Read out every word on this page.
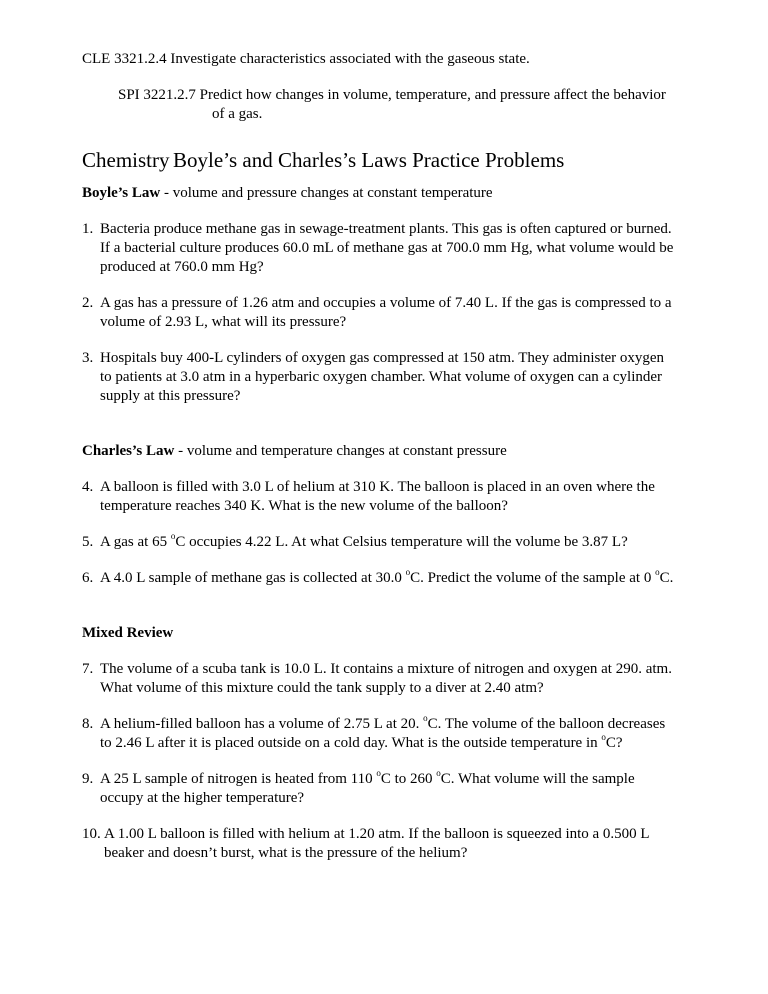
CLE 3321.2.4 Investigate characteristics associated with the gaseous state.
SPI 3221.2.7 Predict how changes in volume, temperature, and pressure affect the behavior of a gas.
Chemistry Boyle’s and Charles’s Laws Practice Problems
Boyle’s Law - volume and pressure changes at constant temperature
1. Bacteria produce methane gas in sewage-treatment plants. This gas is often captured or burned. If a bacterial culture produces 60.0 mL of methane gas at 700.0 mm Hg, what volume would be produced at 760.0 mm Hg?
2. A gas has a pressure of 1.26 atm and occupies a volume of 7.40 L. If the gas is compressed to a volume of 2.93 L, what will its pressure?
3. Hospitals buy 400-L cylinders of oxygen gas compressed at 150 atm. They administer oxygen to patients at 3.0 atm in a hyperbaric oxygen chamber. What volume of oxygen can a cylinder supply at this pressure?
Charles’s Law - volume and temperature changes at constant pressure
4. A balloon is filled with 3.0 L of helium at 310 K. The balloon is placed in an oven where the temperature reaches 340 K. What is the new volume of the balloon?
5. A gas at 65 $^o$C occupies 4.22 L. At what Celsius temperature will the volume be 3.87 L?
6. A 4.0 L sample of methane gas is collected at 30.0 $^o$C. Predict the volume of the sample at 0 $^o$C.
Mixed Review
7. The volume of a scuba tank is 10.0 L. It contains a mixture of nitrogen and oxygen at 290. atm. What volume of this mixture could the tank supply to a diver at 2.40 atm?
8. A helium-filled balloon has a volume of 2.75 L at 20. $^o$C. The volume of the balloon decreases to 2.46 L after it is placed outside on a cold day. What is the outside temperature in $^o$C?
9. A 25 L sample of nitrogen is heated from 110 $^o$C to 260 $^o$C. What volume will the sample occupy at the higher temperature?
10. A 1.00 L balloon is filled with helium at 1.20 atm. If the balloon is squeezed into a 0.500 L beaker and doesn’t burst, what is the pressure of the helium?
